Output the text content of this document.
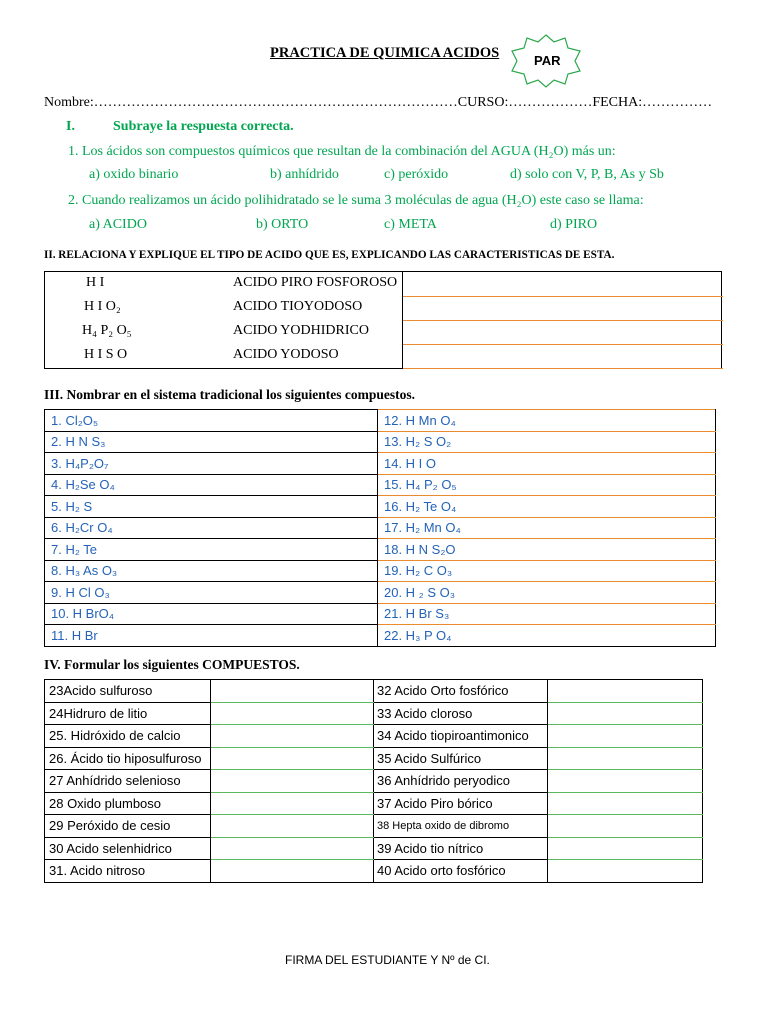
PRACTICA DE QUIMICA ACIDOS	PAR
Nombre:……………………………………………………………………CURSO:………………FECHA:……………
I.	Subraye la respuesta correcta.
1. Los ácidos son compuestos químicos que resultan de la combinación del AGUA (H₂O) más un:
a) oxido binario	b) anhídrido	c) peróxido	d) solo con V, P, B, As y Sb
2. Cuando realizamos un ácido polihidratado se le suma 3 moléculas de agua (H₂O) este caso se llama:
a) ACIDO	b) ORTO	c) META	d) PIRO
II. RELACIONA Y EXPLIQUE EL TIPO DE ACIDO QUE ES, EXPLICANDO LAS CARACTERISTICAS DE ESTA.
H I	ACIDO PIRO FOSFOROSO
H I O₂	ACIDO TIOYODOSO
H₄ P₂ O₅	ACIDO YODHIDRICO
H I S O	ACIDO YODOSO
III. Nombrar en el sistema tradicional los siguientes compuestos.
1. Cl₂O₅	12. H Mn O₄
2. H N S₃	13. H₂ S O₂
3. H₄P₂O₇	14. H I O
4. H₂Se O₄	15. H₄ P₂ O₅
5. H₂ S	16. H₂ Te O₄
6. H₂Cr O₄	17. H₂ Mn O₄
7. H₂ Te	18. H N S₂O
8. H₃ As O₃	19. H₂ C O₃
9. H Cl O₃	20. H ₂ S O₃
10. H BrO₄	21. H Br S₃
11. H Br	22. H₃ P O₄
IV. Formular los siguientes COMPUESTOS.
23Acido sulfuroso		32 Acido Orto fosfórico	
24Hidruro de litio		33 Acido cloroso	
25. Hidróxido de calcio		34 Acido tiopiroantimonico	
26. Ácido tio hiposulfuroso		35 Acido Sulfúrico	
27 Anhídrido selenioso		36 Anhídrido peryodico	
28 Oxido plumboso		37 Acido Piro bórico	
29 Peróxido de cesio		38 Hepta oxido de dibromo	
30 Acido selenhidrico		39 Acido tio nítrico	
31. Acido nitroso		40 Acido orto fosfórico	
FIRMA DEL ESTUDIANTE Y Nº de CI.
